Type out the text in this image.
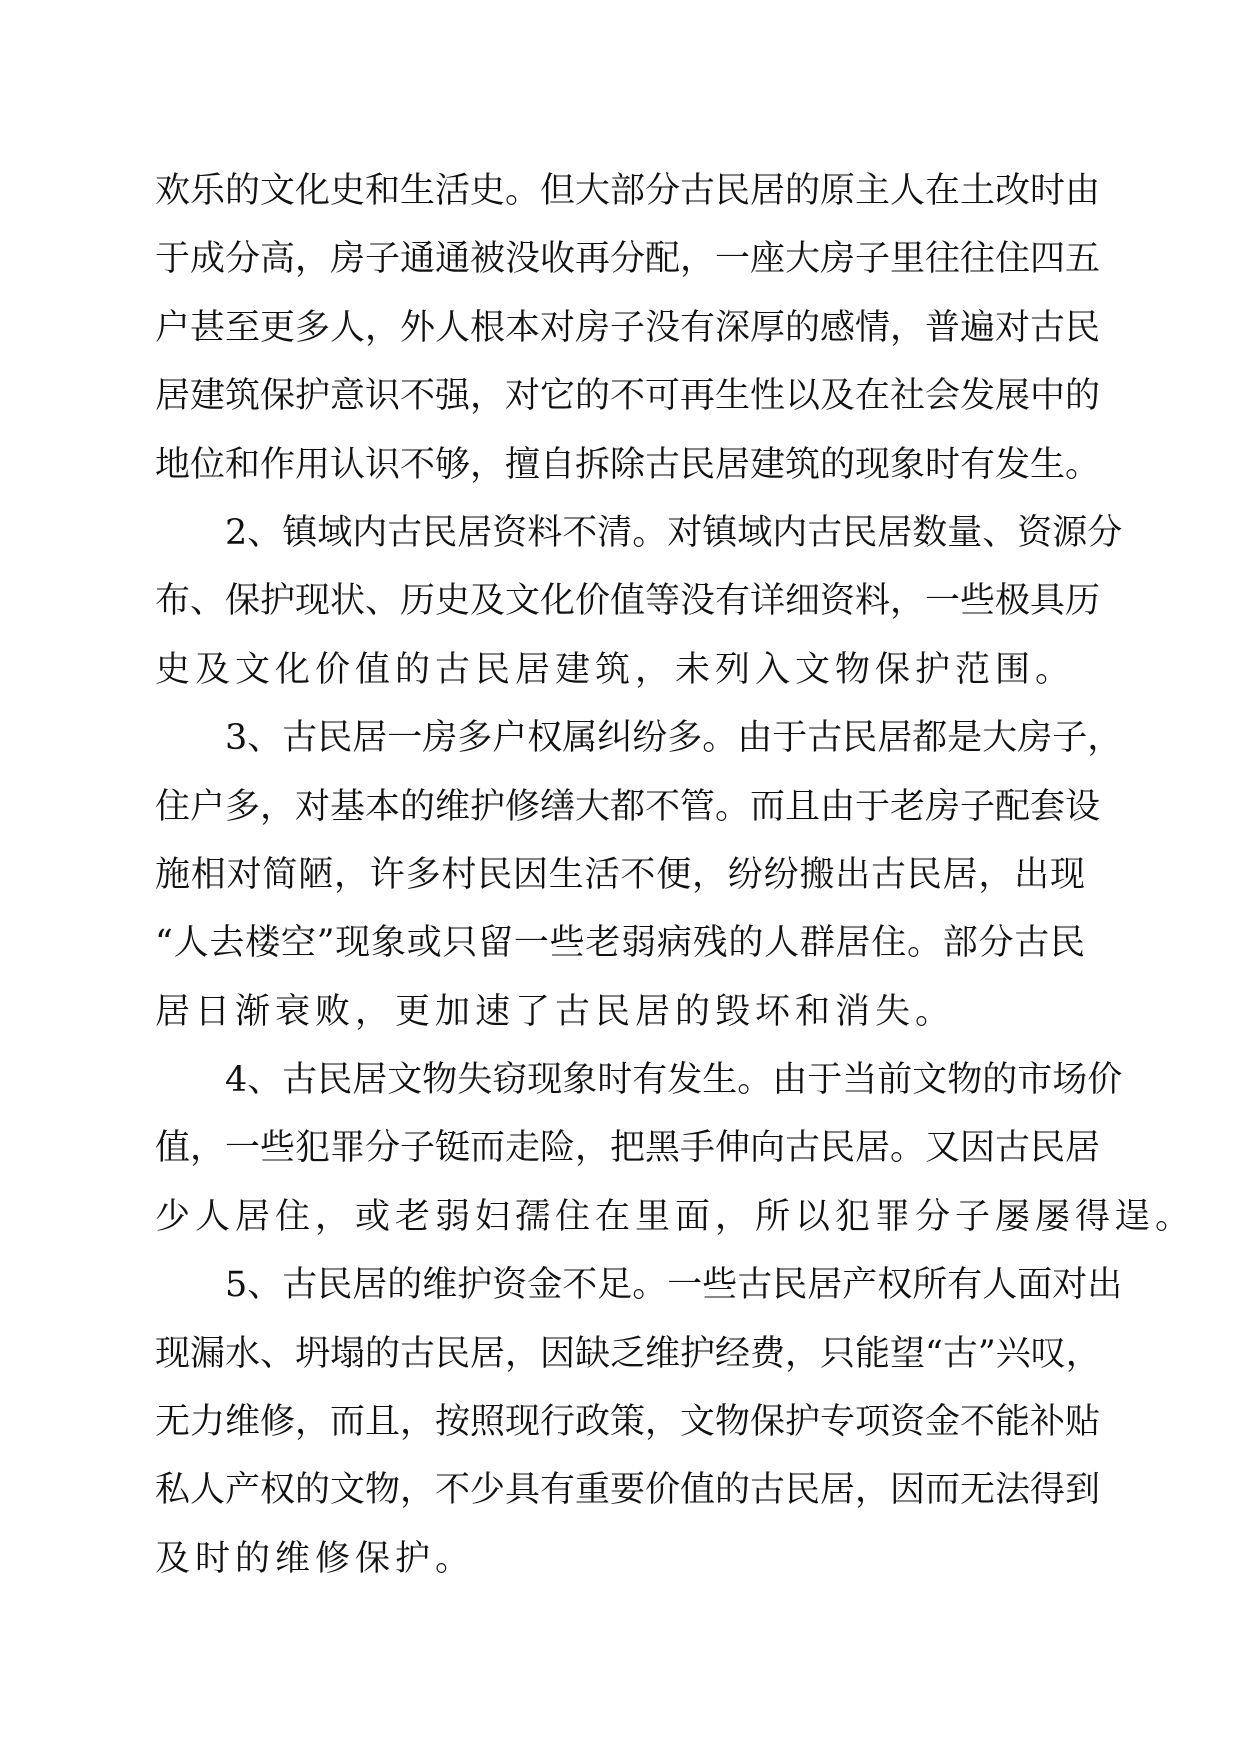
欢乐的文化史和生活史。但大部分古民居的原主人在土改时由
于成分高，房子通通被没收再分配，一座大房子里往往住四五
户甚至更多人，外人根本对房子没有深厚的感情，普遍对古民
居建筑保护意识不强，对它的不可再生性以及在社会发展中的
地位和作用认识不够，擅自拆除古民居建筑的现象时有发生。
2、镇域内古民居资料不清。对镇域内古民居数量、资源分
布、保护现状、历史及文化价值等没有详细资料，一些极具历
史及文化价值的古民居建筑，未列入文物保护范围。
3、古民居一房多户权属纠纷多。由于古民居都是大房子，
住户多，对基本的维护修缮大都不管。而且由于老房子配套设
施相对简陋，许多村民因生活不便，纷纷搬出古民居，出现
“人去楼空”现象或只留一些老弱病残的人群居住。部分古民
居日渐衰败，更加速了古民居的毁坏和消失。
4、古民居文物失窃现象时有发生。由于当前文物的市场价
值，一些犯罪分子铤而走险，把黑手伸向古民居。又因古民居
少人居住，或老弱妇孺住在里面，所以犯罪分子屡屡得逞。
5、古民居的维护资金不足。一些古民居产权所有人面对出
现漏水、坍塌的古民居，因缺乏维护经费，只能望“古”兴叹，
无力维修，而且，按照现行政策，文物保护专项资金不能补贴
私人产权的文物，不少具有重要价值的古民居，因而无法得到
及时的维修保护。
